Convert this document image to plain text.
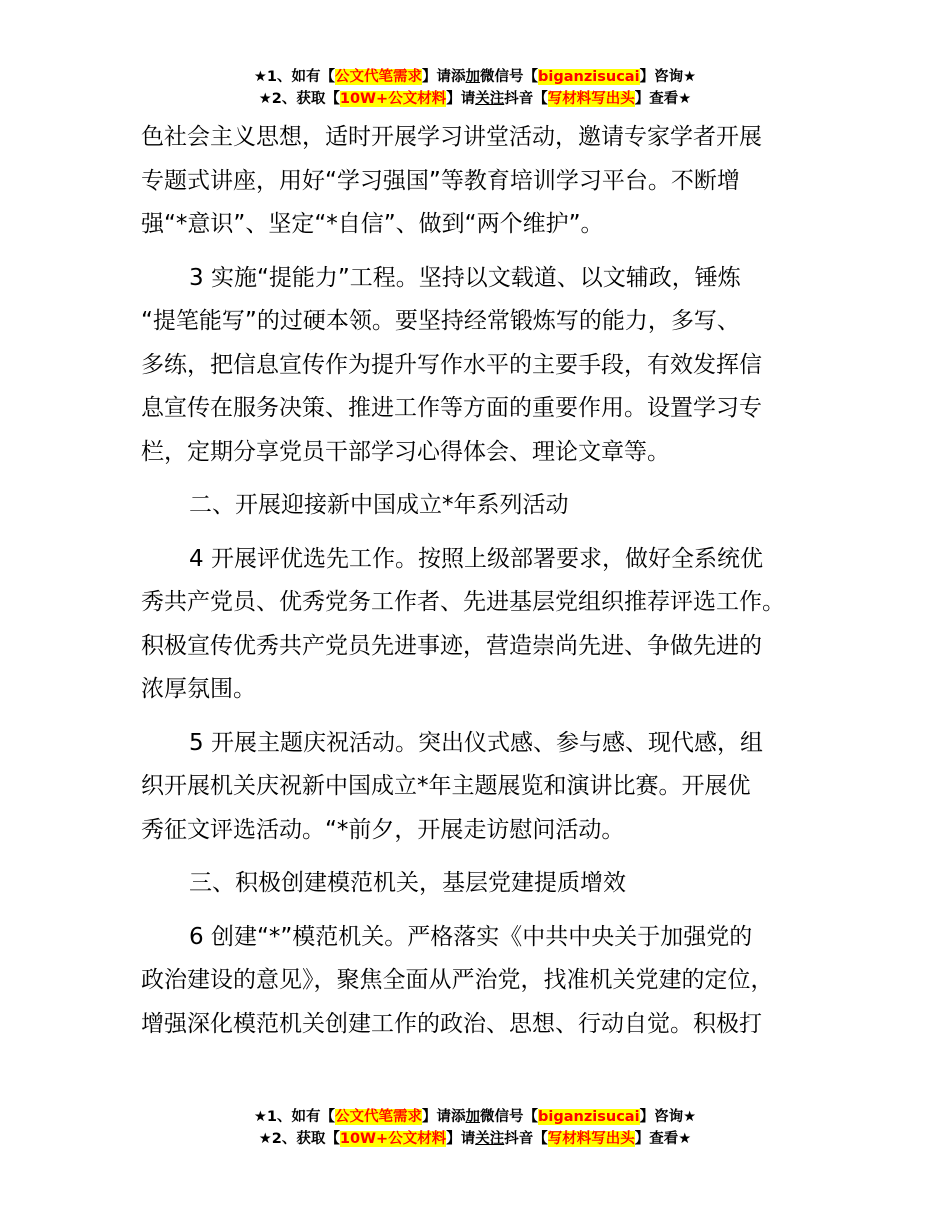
★1、如有【公文代笔需求】请添加微信号【biganzisucai】咨询★
★2、获取【10W+公文材料】请关注抖音【写材料写出头】查看★

色社会主义思想，适时开展学习讲堂活动，邀请专家学者开展
专题式讲座，用好“学习强国”等教育培训学习平台。不断增
强“*意识”、坚定“*自信”、做到“两个维护”。

3 实施“提能力”工程。坚持以文载道、以文辅政，锤炼
“提笔能写”的过硬本领。要坚持经常锻炼写的能力，多写、
多练，把信息宣传作为提升写作水平的主要手段，有效发挥信
息宣传在服务决策、推进工作等方面的重要作用。设置学习专
栏，定期分享党员干部学习心得体会、理论文章等。

二、开展迎接新中国成立*年系列活动

4 开展评优选先工作。按照上级部署要求，做好全系统优
秀共产党员、优秀党务工作者、先进基层党组织推荐评选工作。
积极宣传优秀共产党员先进事迹，营造崇尚先进、争做先进的
浓厚氛围。

5 开展主题庆祝活动。突出仪式感、参与感、现代感，组
织开展机关庆祝新中国成立*年主题展览和演讲比赛。开展优
秀征文评选活动。“*前夕，开展走访慰问活动。

三、积极创建模范机关，基层党建提质增效

6 创建“*”模范机关。严格落实《中共中央关于加强党的
政治建设的意见》，聚焦全面从严治党，找准机关党建的定位，
增强深化模范机关创建工作的政治、思想、行动自觉。积极打

★1、如有【公文代笔需求】请添加微信号【biganzisucai】咨询★
★2、获取【10W+公文材料】请关注抖音【写材料写出头】查看★
